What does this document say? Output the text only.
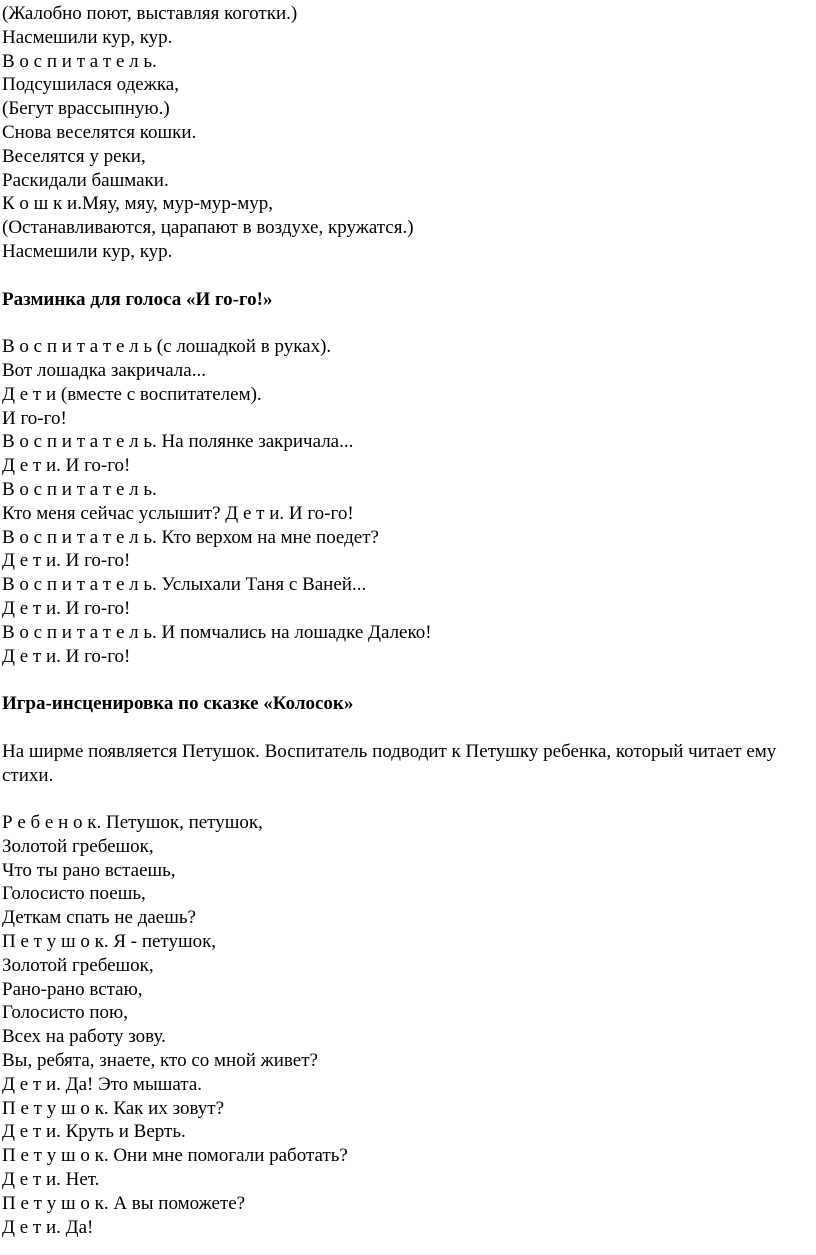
(Жалобно поют, выставляя коготки.)
Насмешили кур, кур.
В о с п и т а т е л ь.
Подсушилася одежка,
(Бегут врассыпную.)
Снова веселятся кошки.
Веселятся у реки,
Раскидали башмаки.
К о ш к и.Мяу, мяу, мур-мур-мур,
(Останавливаются, царапают в воздухе, кружатся.)
Насмешили кур, кур.
Разминка для голоса «И го-го!»
В о с п и т а т е л ь (с лошадкой в руках).
Вот лошадка закричала...
Д е т и (вместе с воспитателем).
И го-го!
В о с п и т а т е л ь. На полянке закричала...
Д е т и. И го-го!
В о с п и т а т е л ь.
Кто меня сейчас услышит? Д е т и. И го-го!
В о с п и т а т е л ь. Кто верхом на мне поедет?
Д е т и. И го-го!
В о с п и т а т е л ь. Услыхали Таня с Ваней...
Д е т и. И го-го!
В о с п и т а т е л ь. И помчались на лошадке Далеко!
Д е т и. И го-го!
Игра-инсценировка по сказке «Колосок»
На ширме появляется Петушок. Воспитатель подводит к Петушку ребенка, который читает ему стихи.
Р е б е н о к. Петушок, петушок,
Золотой гребешок,
Что ты рано встаешь,
Голосисто поешь,
Деткам спать не даешь?
П е т у ш о к. Я - петушок,
Золотой гребешок,
Рано-рано встаю,
Голосисто пою,
Всех на работу зову.
Вы, ребята, знаете, кто со мной живет?
Д е т и. Да! Это мышата.
П е т у ш о к. Как их зовут?
Д е т и. Круть и Верть.
П е т у ш о к. Они мне помогали работать?
Д е т и. Нет.
П е т у ш о к. А вы поможете?
Д е т и. Да!
